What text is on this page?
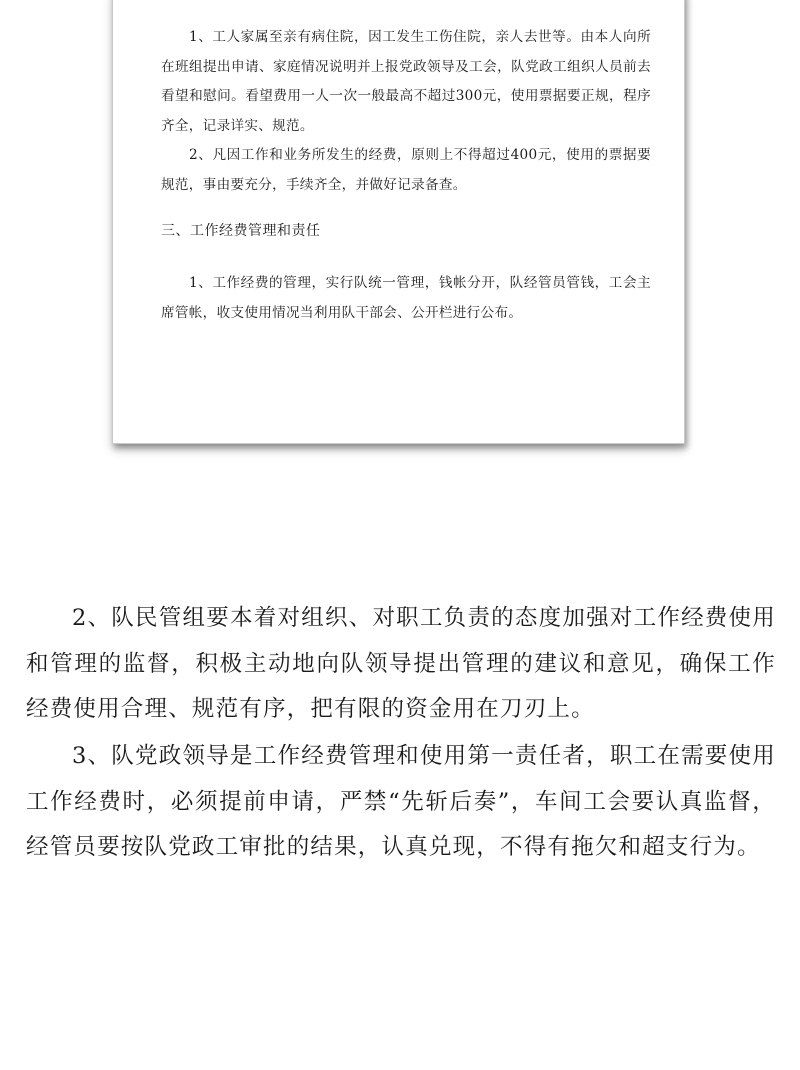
1、工人家属至亲有病住院，因工发生工伤住院，亲人去世等。由本人向所在班组提出申请、家庭情况说明并上报党政领导及工会，队党政工组织人员前去看望和慰问。看望费用一人一次一般最高不超过300元，使用票据要正规，程序齐全，记录详实、规范。

2、凡因工作和业务所发生的经费，原则上不得超过400元，使用的票据要规范，事由要充分，手续齐全，并做好记录备查。

三、工作经费管理和责任

1、工作经费的管理，实行队统一管理，钱帐分开，队经管员管钱，工会主席管帐，收支使用情况当利用队干部会、公开栏进行公布。

2、队民管组要本着对组织、对职工负责的态度加强对工作经费使用和管理的监督，积极主动地向队领导提出管理的建议和意见，确保工作经费使用合理、规范有序，把有限的资金用在刀刃上。

3、队党政领导是工作经费管理和使用第一责任者，职工在需要使用工作经费时，必须提前申请，严禁“先斩后奏”，车间工会要认真监督，经管员要按队党政工审批的结果，认真兑现，不得有拖欠和超支行为。
